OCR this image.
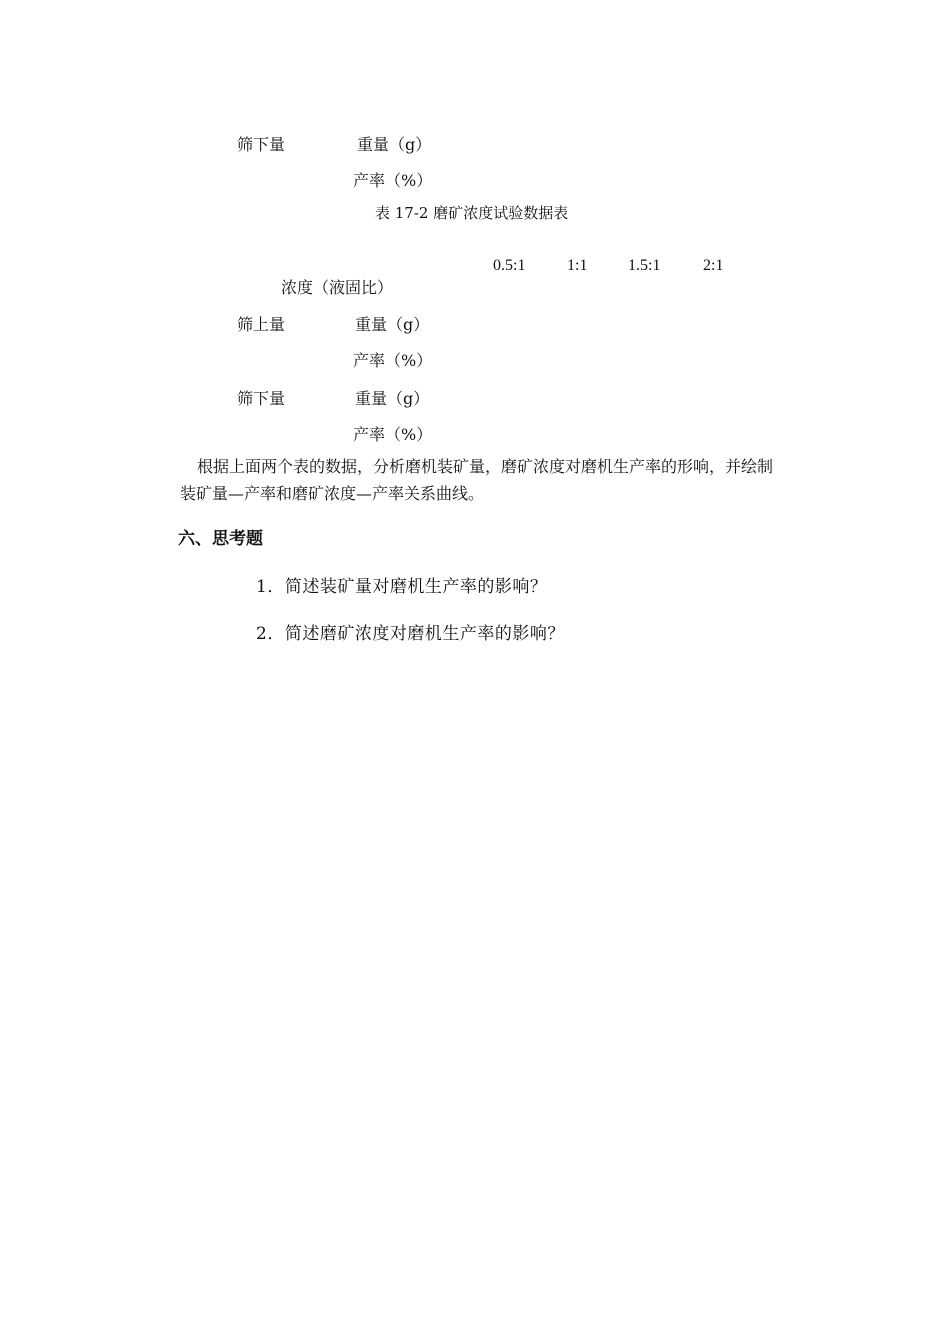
筛下量	重量（g）
产率（%）
表 17-2 磨矿浓度试验数据表
0.5:1	1:1	1.5:1	2:1
浓度（液固比）
筛上量	重量（g）
产率（%）
筛下量	重量（g）
产率（%）
根据上面两个表的数据，分析磨机装矿量，磨矿浓度对磨机生产率的形响，并绘制装矿量—产率和磨矿浓度—产率关系曲线。
六、思考题
1．简述装矿量对磨机生产率的影响？
2．简述磨矿浓度对磨机生产率的影响？
